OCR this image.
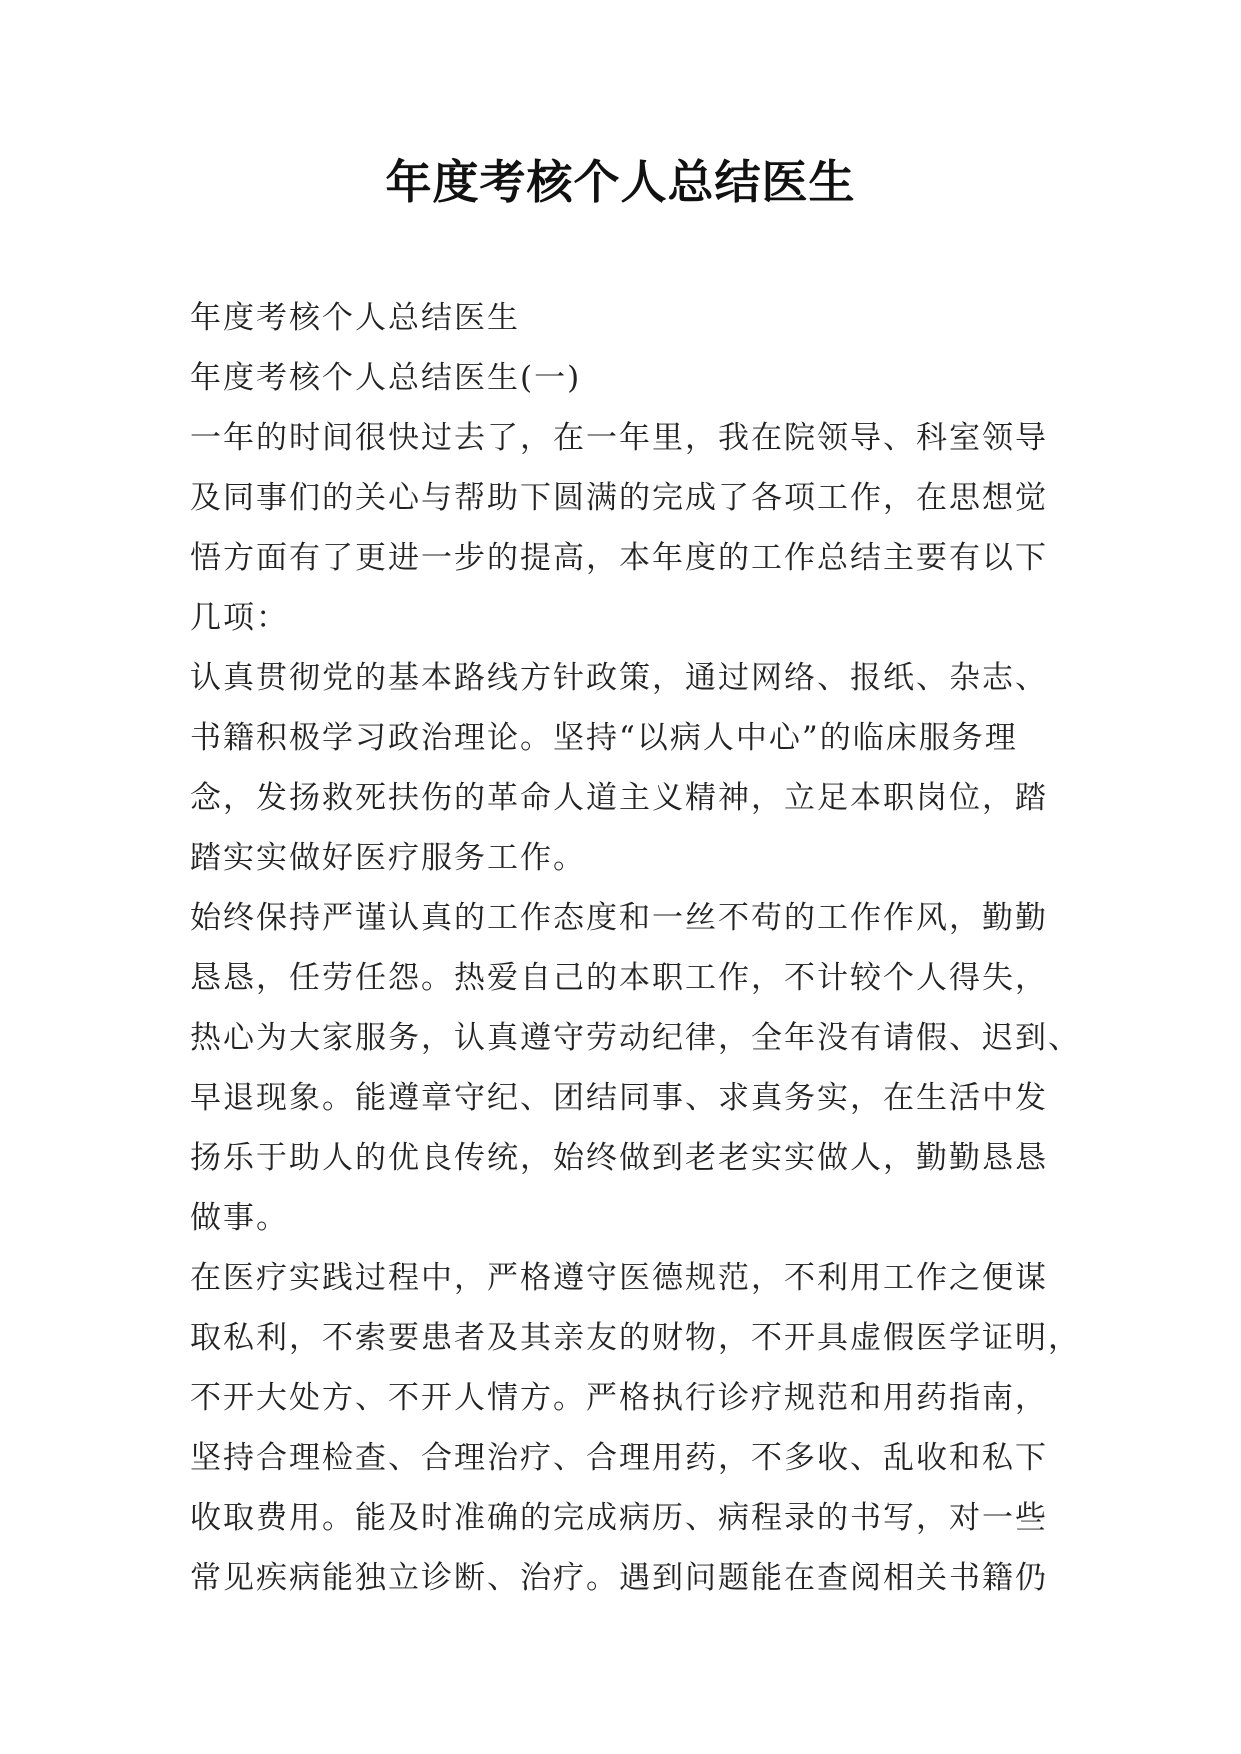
年度考核个人总结医生
年度考核个人总结医生
年度考核个人总结医生(一)
一年的时间很快过去了，在一年里，我在院领导、科室领导
及同事们的关心与帮助下圆满的完成了各项工作，在思想觉
悟方面有了更进一步的提高，本年度的工作总结主要有以下
几项：
认真贯彻党的基本路线方针政策，通过网络、报纸、杂志、
书籍积极学习政治理论。坚持“以病人中心”的临床服务理
念，发扬救死扶伤的革命人道主义精神，立足本职岗位，踏
踏实实做好医疗服务工作。
始终保持严谨认真的工作态度和一丝不苟的工作作风，勤勤
恳恳，任劳任怨。热爱自己的本职工作，不计较个人得失，
热心为大家服务，认真遵守劳动纪律，全年没有请假、迟到、
早退现象。能遵章守纪、团结同事、求真务实，在生活中发
扬乐于助人的优良传统，始终做到老老实实做人，勤勤恳恳
做事。
在医疗实践过程中，严格遵守医德规范，不利用工作之便谋
取私利，不索要患者及其亲友的财物，不开具虚假医学证明，
不开大处方、不开人情方。严格执行诊疗规范和用药指南，
坚持合理检查、合理治疗、合理用药，不多收、乱收和私下
收取费用。能及时准确的完成病历、病程录的书写，对一些
常见疾病能独立诊断、治疗。遇到问题能在查阅相关书籍仍
